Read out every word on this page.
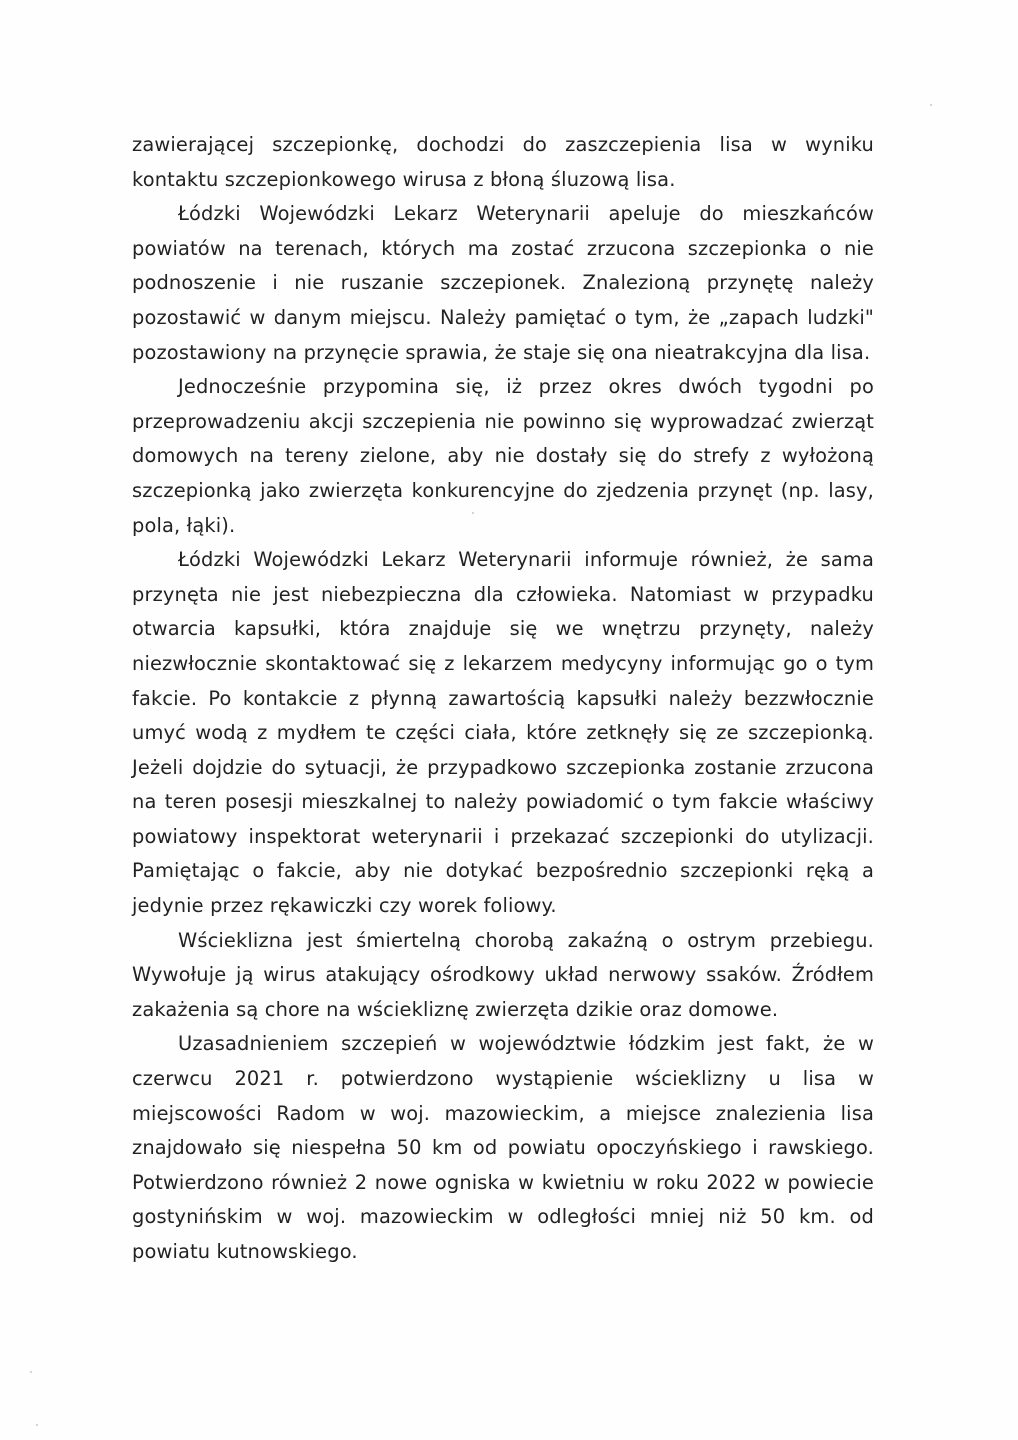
zawierającej szczepionkę, dochodzi do zaszczepienia lisa w wyniku kontaktu szczepionkowego wirusa z błoną śluzową lisa.

Łódzki Wojewódzki Lekarz Weterynarii apeluje do mieszkańców powiatów na terenach, których ma zostać zrzucona szczepionka o nie podnoszenie i nie ruszanie szczepionek. Znalezioną przynętę należy pozostawić w danym miejscu. Należy pamiętać o tym, że „zapach ludzki" pozostawiony na przynęcie sprawia, że staje się ona nieatrakcyjna dla lisa.

Jednocześnie przypomina się, iż przez okres dwóch tygodni po przeprowadzeniu akcji szczepienia nie powinno się wyprowadzać zwierząt domowych na tereny zielone, aby nie dostały się do strefy z wyłożoną szczepionką jako zwierzęta konkurencyjne do zjedzenia przynęt (np. lasy, pola, łąki).

Łódzki Wojewódzki Lekarz Weterynarii informuje również, że sama przynęta nie jest niebezpieczna dla człowieka. Natomiast w przypadku otwarcia kapsułki, która znajduje się we wnętrzu przynęty, należy niezwłocznie skontaktować się z lekarzem medycyny informując go o tym fakcie. Po kontakcie z płynną zawartością kapsułki należy bezzwłocznie umyć wodą z mydłem te części ciała, które zetknęły się ze szczepionką. Jeżeli dojdzie do sytuacji, że przypadkowo szczepionka zostanie zrzucona na teren posesji mieszkalnej to należy powiadomić o tym fakcie właściwy powiatowy inspektorat weterynarii i przekazać szczepionki do utylizacji. Pamiętając o fakcie, aby nie dotykać bezpośrednio szczepionki ręką a jedynie przez rękawiczki czy worek foliowy.

Wścieklizna jest śmiertelną chorobą zakaźną o ostrym przebiegu. Wywołuje ją wirus atakujący ośrodkowy układ nerwowy ssaków. Źródłem zakażenia są chore na wściekliznę zwierzęta dzikie oraz domowe.

Uzasadnieniem szczepień w województwie łódzkim jest fakt, że w czerwcu 2021 r. potwierdzono wystąpienie wścieklizny u lisa w miejscowości Radom w woj. mazowieckim, a miejsce znalezienia lisa znajdowało się niespełna 50 km od powiatu opoczyńskiego i rawskiego. Potwierdzono również 2 nowe ogniska w kwietniu w roku 2022 w powiecie gostynińskim w woj. mazowieckim w odległości mniej niż 50 km. od powiatu kutnowskiego.
